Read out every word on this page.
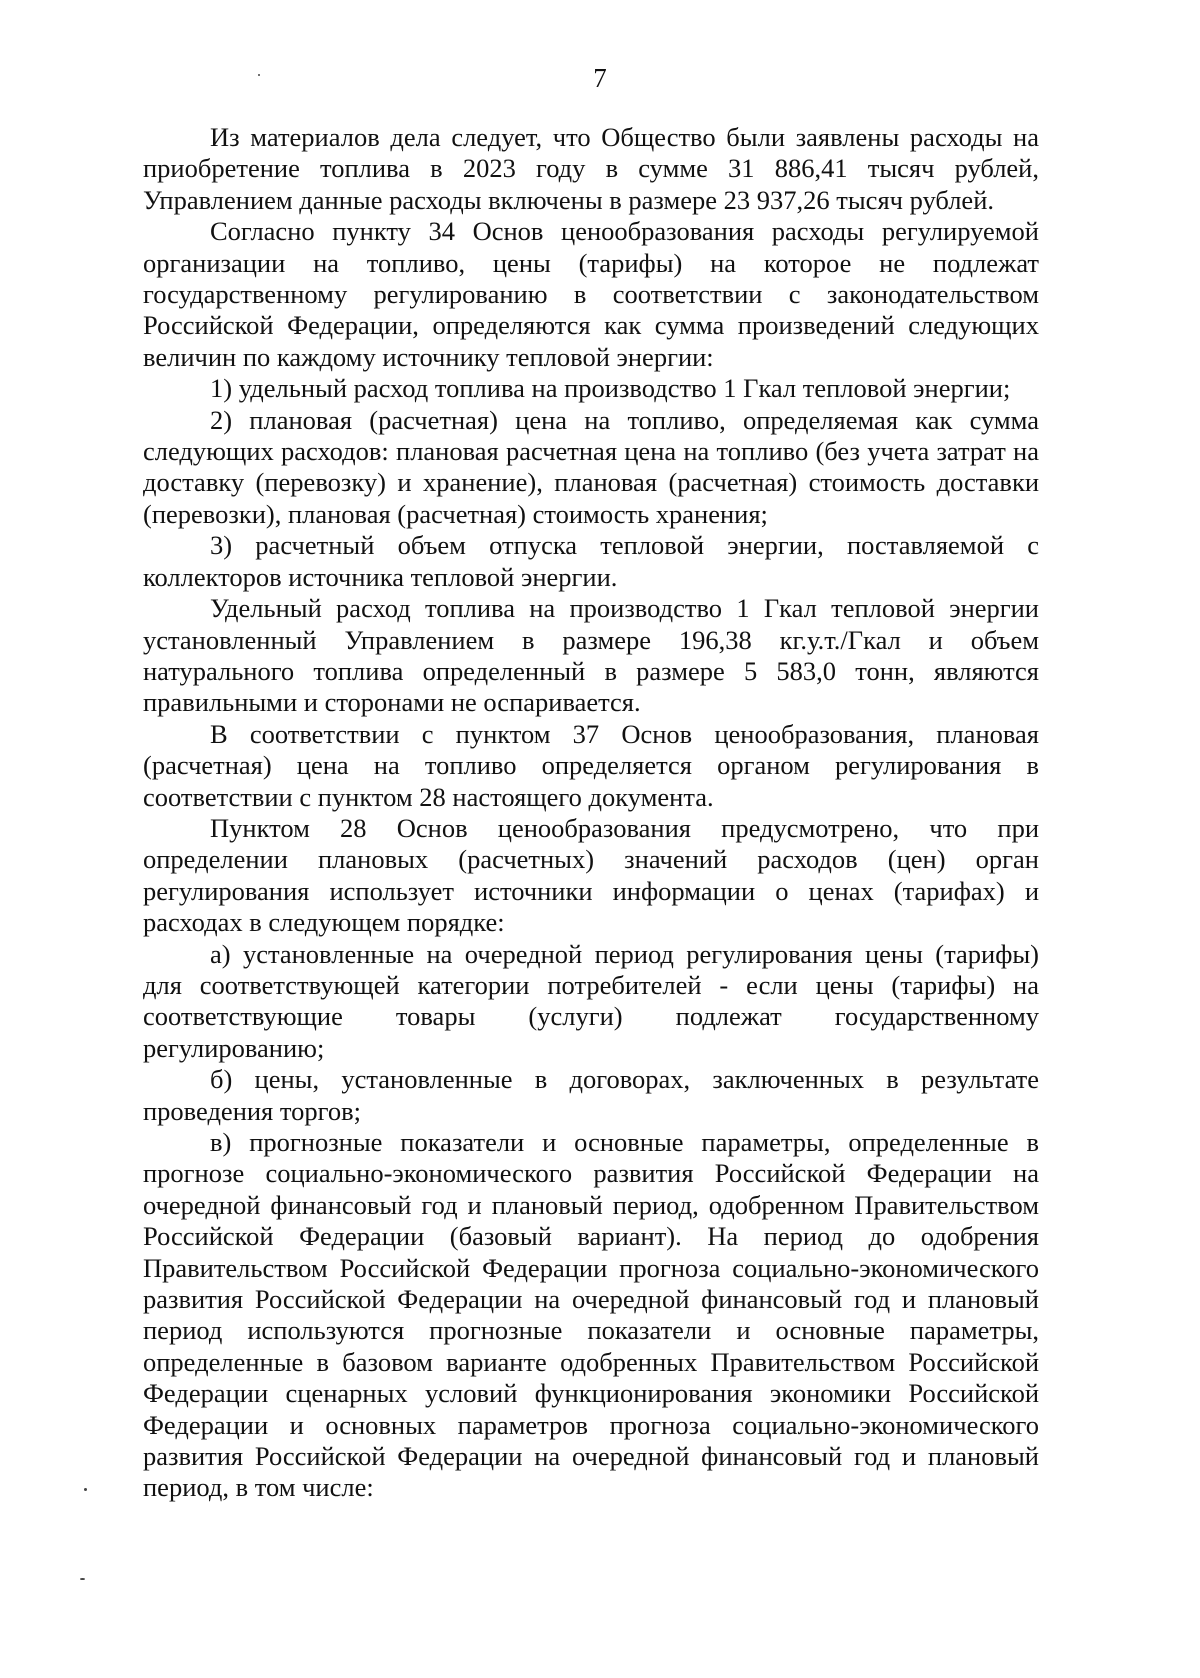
7

Из материалов дела следует, что Общество были заявлены расходы на приобретение топлива в 2023 году в сумме 31 886,41 тысяч рублей, Управлением данные расходы включены в размере 23 937,26 тысяч рублей.

Согласно пункту 34 Основ ценообразования расходы регулируемой организации на топливо, цены (тарифы) на которое не подлежат государственному регулированию в соответствии с законодательством Российской Федерации, определяются как сумма произведений следующих величин по каждому источнику тепловой энергии:

1) удельный расход топлива на производство 1 Гкал тепловой энергии;

2) плановая (расчетная) цена на топливо, определяемая как сумма следующих расходов: плановая расчетная цена на топливо (без учета затрат на доставку (перевозку) и хранение), плановая (расчетная) стоимость доставки (перевозки), плановая (расчетная) стоимость хранения;

3) расчетный объем отпуска тепловой энергии, поставляемой с коллекторов источника тепловой энергии.

Удельный расход топлива на производство 1 Гкал тепловой энергии установленный Управлением в размере 196,38 кг.у.т./Гкал и объем натурального топлива определенный в размере 5 583,0 тонн, являются правильными и сторонами не оспаривается.

В соответствии с пунктом 37 Основ ценообразования, плановая (расчетная) цена на топливо определяется органом регулирования в соответствии с пунктом 28 настоящего документа.

Пунктом 28 Основ ценообразования предусмотрено, что при определении плановых (расчетных) значений расходов (цен) орган регулирования использует источники информации о ценах (тарифах) и расходах в следующем порядке:

а) установленные на очередной период регулирования цены (тарифы) для соответствующей категории потребителей - если цены (тарифы) на соответствующие товары (услуги) подлежат государственному регулированию;

б) цены, установленные в договорах, заключенных в результате проведения торгов;

в) прогнозные показатели и основные параметры, определенные в прогнозе социально-экономического развития Российской Федерации на очередной финансовый год и плановый период, одобренном Правительством Российской Федерации (базовый вариант). На период до одобрения Правительством Российской Федерации прогноза социально-экономического развития Российской Федерации на очередной финансовый год и плановый период используются прогнозные показатели и основные параметры, определенные в базовом варианте одобренных Правительством Российской Федерации сценарных условий функционирования экономики Российской Федерации и основных параметров прогноза социально-экономического развития Российской Федерации на очередной финансовый год и плановый период, в том числе:
